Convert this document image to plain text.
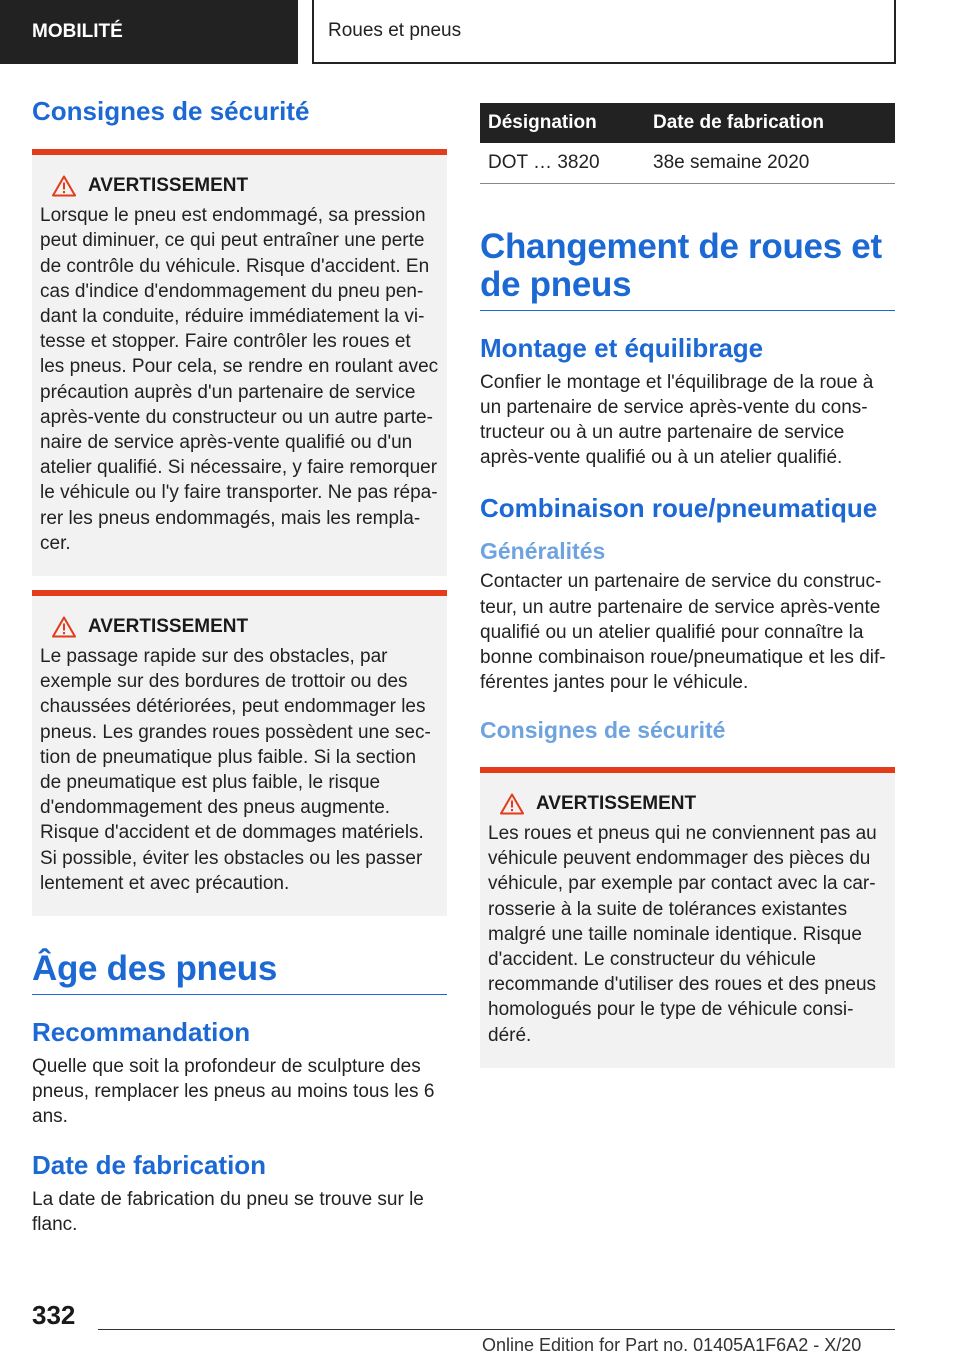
MOBILITÉ	Roues et pneus
Consignes de sécurité
AVERTISSEMENT
Lorsque le pneu est endommagé, sa pression peut diminuer, ce qui peut entraîner une perte de contrôle du véhicule. Risque d'accident. En cas d'indice d'endommagement du pneu pendant la conduite, réduire immédiatement la vitesse et stopper. Faire contrôler les roues et les pneus. Pour cela, se rendre en roulant avec précaution auprès d'un partenaire de service après-vente du constructeur ou un autre partenaire de service après-vente qualifié ou d'un atelier qualifié. Si nécessaire, y faire remorquer le véhicule ou l'y faire transporter. Ne pas réparer les pneus endommagés, mais les remplacer.
AVERTISSEMENT
Le passage rapide sur des obstacles, par exemple sur des bordures de trottoir ou des chaussées détériorées, peut endommager les pneus. Les grandes roues possèdent une section de pneumatique plus faible. Si la section de pneumatique est plus faible, le risque d'endommagement des pneus augmente. Risque d'accident et de dommages matériels. Si possible, éviter les obstacles ou les passer lentement et avec précaution.
Âge des pneus
Recommandation

Quelle que soit la profondeur de sculpture des pneus, remplacer les pneus au moins tous les 6 ans.

Date de fabrication

La date de fabrication du pneu se trouve sur le flanc.

Désignation	Date de fabrication
DOT … 3820	38e semaine 2020
Changement de roues et de pneus
Montage et équilibrage

Confier le montage et l'équilibrage de la roue à un partenaire de service après-vente du constructeur ou à un autre partenaire de service après-vente qualifié ou à un atelier qualifié.

Combinaison roue/pneumatique
Généralités

Contacter un partenaire de service du constructeur, un autre partenaire de service après-vente qualifié ou un atelier qualifié pour connaître la bonne combinaison roue/pneumatique et les différentes jantes pour le véhicule.

Consignes de sécurité
AVERTISSEMENT
Les roues et pneus qui ne conviennent pas au véhicule peuvent endommager des pièces du véhicule, par exemple par contact avec la carrosserie à la suite de tolérances existantes malgré une taille nominale identique. Risque d'accident. Le constructeur du véhicule recommande d'utiliser des roues et des pneus homologués pour le type de véhicule considéré.
332
Online Edition for Part no. 01405A1F6A2 - X/20
